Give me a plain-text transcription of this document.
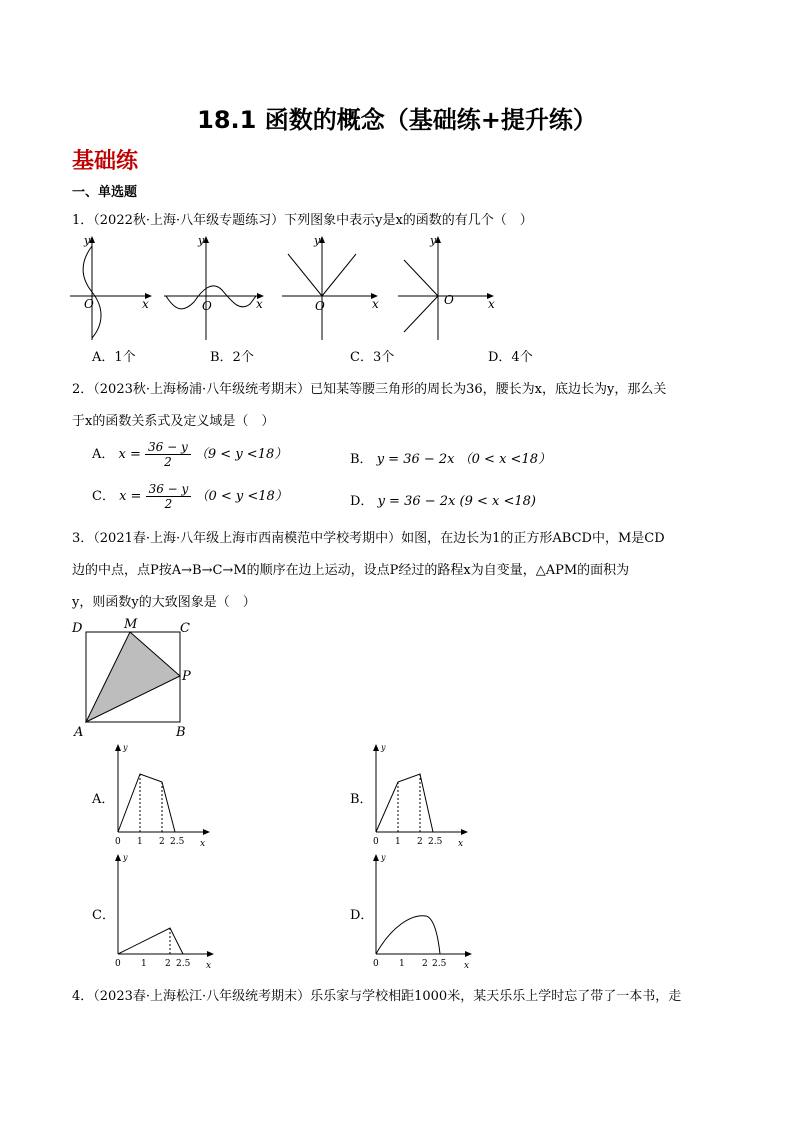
18.1 函数的概念（基础练+提升练）
基础练
一、单选题
1．（2022秋·上海·八年级专题练习）下列图象中表示y是x的函数的有几个（　）
y
O	x
y
O	x
y
O	x
y
O	x
A．1个	B．2个	C．3个	D．4个
2．（2023秋·上海杨浦·八年级统考期末）已知某等腰三角形的周长为36，腰长为x，底边长为y，那么关
于x的函数关系式及定义域是（　）
A． $x = \frac{36 - y}{2} (9 < y <18)$	B． y = 36 − 2x （0 < x <18）
C． $x = \frac{36 - y}{2} (0 < y <18)$	D． y = 36 − 2x (9 < x <18)
3．（2021春·上海·八年级上海市西南模范中学校考期中）如图，在边长为1的正方形ABCD中，M是CD
边的中点，点P按A→B→C→M的顺序在边上运动，设点P经过的路程x为自变量，△APM的面积为
y，则函数y的大致图象是（　）
D	M	C
P
A	B
A．
y
0 1 2 2.5 x
B．
y
0 1 2 2.5 x
C．
y
0 1 2 2.5 x
D．
y
0 1 2 2.5 x
4．（2023春·上海松江·八年级统考期末）乐乐家与学校相距1000米，某天乐乐上学时忘了带了一本书，走
